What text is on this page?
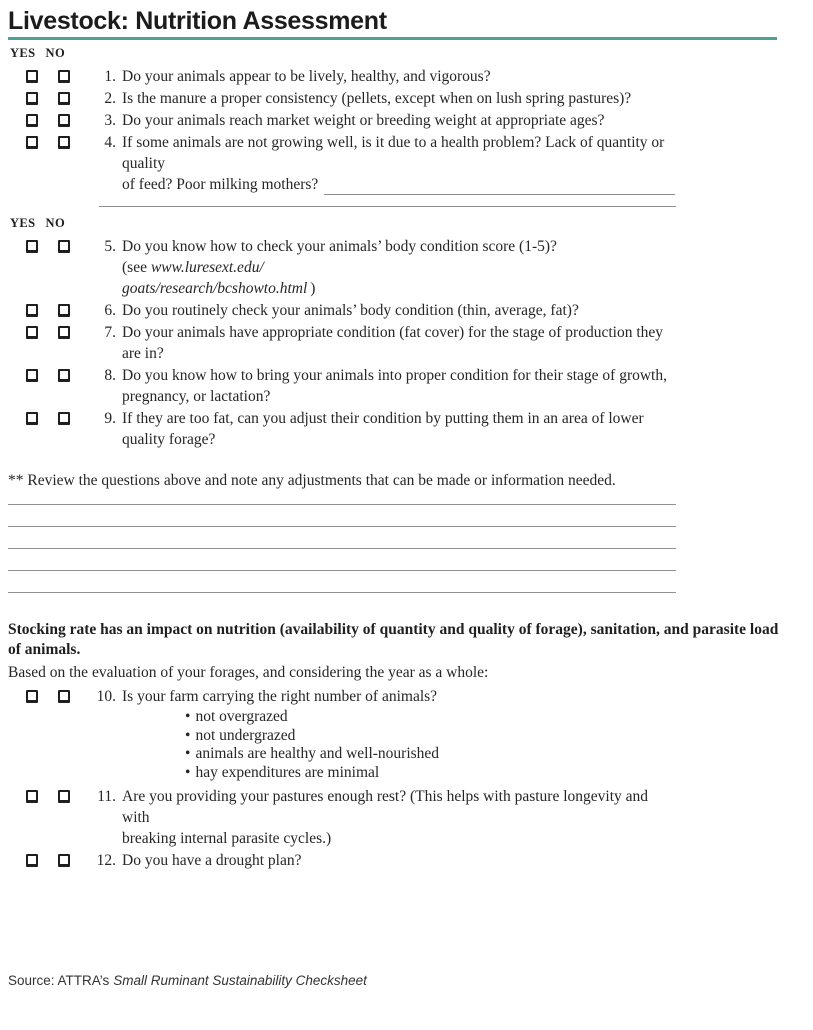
Livestock: Nutrition Assessment
YES NO
1. Do your animals appear to be lively, healthy, and vigorous?
2. Is the manure a proper consistency (pellets, except when on lush spring pastures)?
3. Do your animals reach market weight or breeding weight at appropriate ages?
4. If some animals are not growing well, is it due to a health problem? Lack of quantity or quality
of feed? Poor milking mothers?
YES NO
5. Do you know how to check your animals’ body condition score (1-5)? (see www.luresext.edu/
goats/research/bcshowto.html )
6. Do you routinely check your animals’ body condition (thin, average, fat)?
7. Do your animals have appropriate condition (fat cover) for the stage of production they are in?
8. Do you know how to bring your animals into proper condition for their stage of growth,
pregnancy, or lactation?
9. If they are too fat, can you adjust their condition by putting them in an area of lower
quality forage?
** Review the questions above and note any adjustments that can be made or information needed.
Stocking rate has an impact on nutrition (availability of quantity and quality of forage), sanitation, and parasite load
of animals.
Based on the evaluation of your forages, and considering the year as a whole:
10. Is your farm carrying the right number of animals?
• not overgrazed
• not undergrazed
• animals are healthy and well-nourished
• hay expenditures are minimal
11. Are you providing your pastures enough rest? (This helps with pasture longevity and with
breaking internal parasite cycles.)
12. Do you have a drought plan?
Source: ATTRA’s Small Ruminant Sustainability Checksheet
